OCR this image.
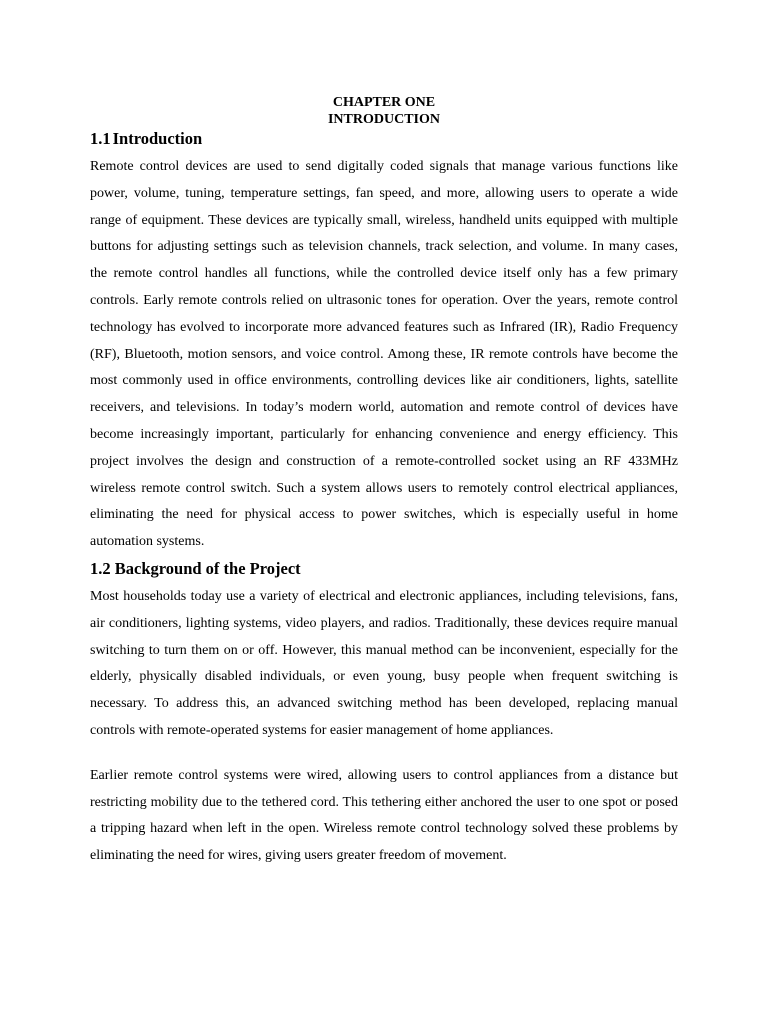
CHAPTER ONE

INTRODUCTION

1.1 Introduction

Remote control devices are used to send digitally coded signals that manage various functions like power, volume, tuning, temperature settings, fan speed, and more, allowing users to operate a wide range of equipment. These devices are typically small, wireless, handheld units equipped with multiple buttons for adjusting settings such as television channels, track selection, and volume. In many cases, the remote control handles all functions, while the controlled device itself only has a few primary controls. Early remote controls relied on ultrasonic tones for operation. Over the years, remote control technology has evolved to incorporate more advanced features such as Infrared (IR), Radio Frequency (RF), Bluetooth, motion sensors, and voice control. Among these, IR remote controls have become the most commonly used in office environments, controlling devices like air conditioners, lights, satellite receivers, and televisions. In today’s modern world, automation and remote control of devices have become increasingly important, particularly for enhancing convenience and energy efficiency. This project involves the design and construction of a remote-controlled socket using an RF 433MHz wireless remote control switch. Such a system allows users to remotely control electrical appliances, eliminating the need for physical access to power switches, which is especially useful in home automation systems.

1.2 Background of the Project

Most households today use a variety of electrical and electronic appliances, including televisions, fans, air conditioners, lighting systems, video players, and radios. Traditionally, these devices require manual switching to turn them on or off. However, this manual method can be inconvenient, especially for the elderly, physically disabled individuals, or even young, busy people when frequent switching is necessary. To address this, an advanced switching method has been developed, replacing manual controls with remote-operated systems for easier management of home appliances.

Earlier remote control systems were wired, allowing users to control appliances from a distance but restricting mobility due to the tethered cord. This tethering either anchored the user to one spot or posed a tripping hazard when left in the open. Wireless remote control technology solved these problems by eliminating the need for wires, giving users greater freedom of movement.
